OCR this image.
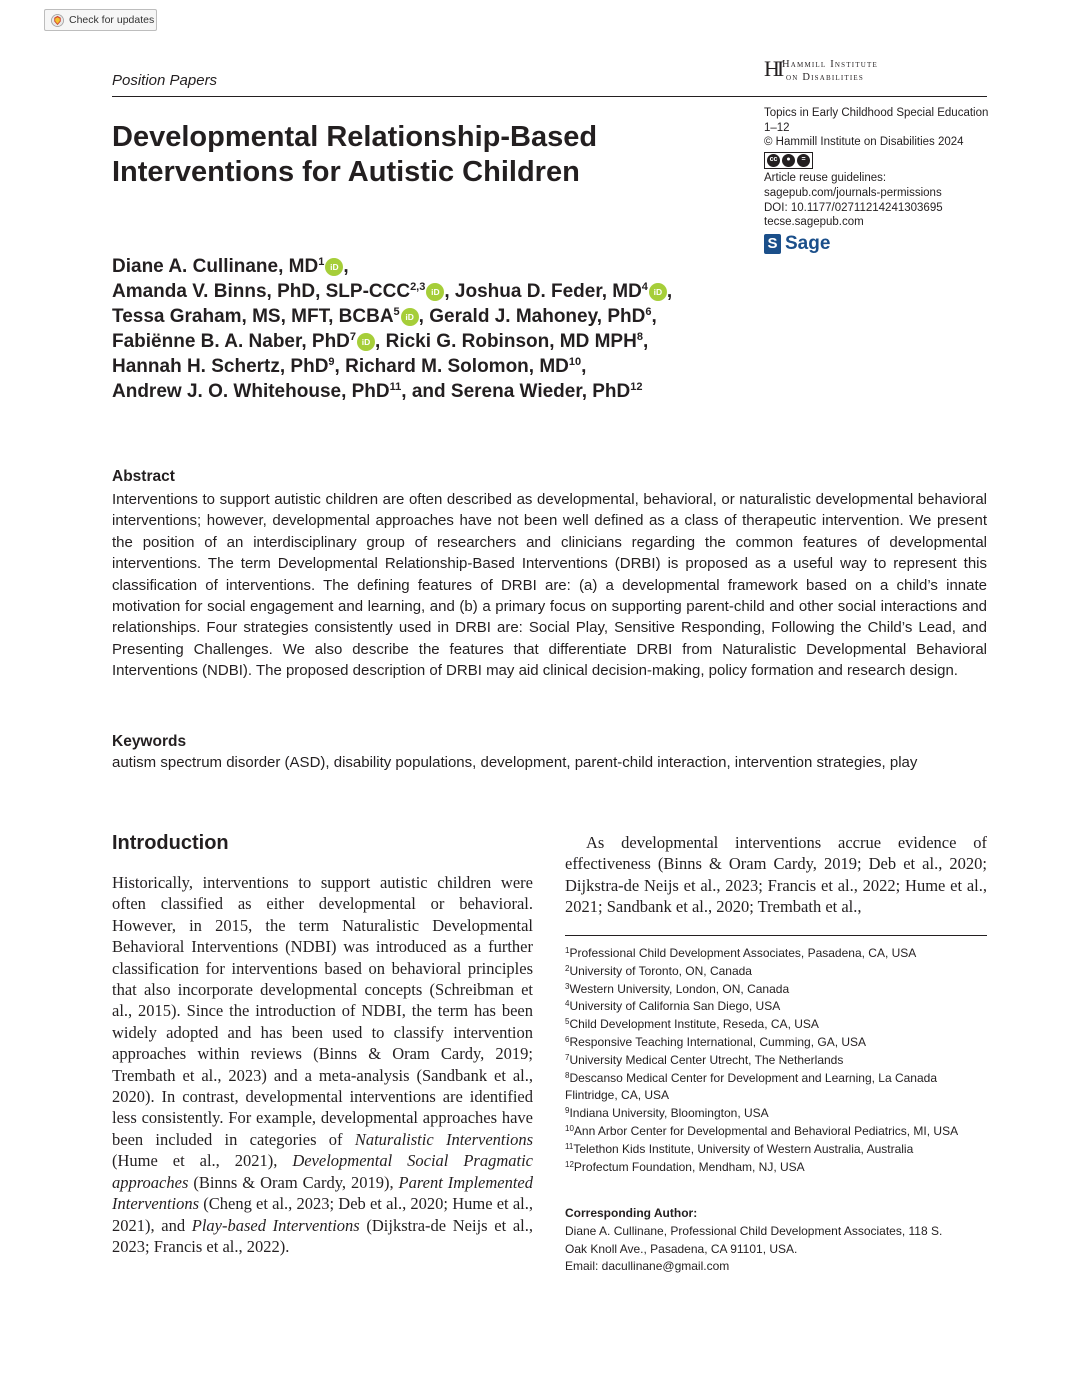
Check for updates
Position Papers	HI Hammill Institute
on Disabilities
Topics in Early Childhood Special Education
1–12
© Hammill Institute on Disabilities 2024
cc	●	=
Article reuse guidelines:
sagepub.com/journals-permissions
DOI: 10.1177/02711214241303695
tecse.sagepub.com
S Sage
Developmental Relationship-Based
Interventions for Autistic Children
Diane A. Cullinane, $MD^1$ iD ,
Amanda V. Binns, PhD, SLP-CCC$^{2,3}$ iD , Joshua D. Feder, $MD^4$ iD ,
Tessa Graham, MS, MFT, BCBA$^5$ iD , Gerald J. Mahoney, PhD$^6$,
Fabiënne B. A. Naber, PhD$^7$ iD , Ricki G. Robinson, MD MPH$^8$,
Hannah H. Schertz, PhD$^9$, Richard M. Solomon, MD$^{10}$,
Andrew J. O. Whitehouse, PhD$^{11}$, and Serena Wieder, PhD$^{12}$
Abstract
Interventions to support autistic children are often described as developmental, behavioral, or naturalistic developmental behavioral interventions; however, developmental approaches have not been well defined as a class of therapeutic intervention. We present the position of an interdisciplinary group of researchers and clinicians regarding the common features of developmental interventions. The term Developmental Relationship-Based Interventions (DRBI) is proposed as a useful way to represent this classification of interventions. The defining features of DRBI are: (a) a developmental framework based on a child’s innate motivation for social engagement and learning, and (b) a primary focus on supporting parent-child and other social interactions and relationships. Four strategies consistently used in DRBI are: Social Play, Sensitive Responding, Following the Child’s Lead, and Presenting Challenges. We also describe the features that differentiate DRBI from Naturalistic Developmental Behavioral Interventions (NDBI). The proposed description of DRBI may aid clinical decision-making, policy formation and research design.
Keywords
autism spectrum disorder (ASD), disability populations, development, parent-child interaction, intervention strategies, play
Introduction
Historically, interventions to support autistic children were often classified as either developmental or behavioral. However, in 2015, the term Naturalistic Developmental Behavioral Interventions (NDBI) was introduced as a further classification for interventions based on behavioral principles that also incorporate developmental concepts (Schreibman et al., 2015). Since the introduction of NDBI, the term has been widely adopted and has been used to classify intervention approaches within reviews (Binns & Oram Cardy, 2019; Trembath et al., 2023) and a meta-analysis (Sandbank et al., 2020). In contrast, developmental interventions are identified less consistently. For example, developmental approaches have been included in categories of Naturalistic Interventions (Hume et al., 2021), Developmental Social Pragmatic approaches (Binns & Oram Cardy, 2019), Parent Implemented Interventions (Cheng et al., 2023; Deb et al., 2020; Hume et al., 2021), and Play-based Interventions (Dijkstra-de Neijs et al., 2023; Francis et al., 2022).
As developmental interventions accrue evidence of effectiveness (Binns & Oram Cardy, 2019; Deb et al., 2020; Dijkstra-de Neijs et al., 2023; Francis et al., 2022; Hume et al., 2021; Sandbank et al., 2020; Trembath et al.,
$^1$Professional Child Development Associates, Pasadena, CA, USA
$^2$University of Toronto, ON, Canada
$^3$Western University, London, ON, Canada
$^4$University of California San Diego, USA
$^5$Child Development Institute, Reseda, CA, USA
$^6$Responsive Teaching International, Cumming, GA, USA
$^7$University Medical Center Utrecht, The Netherlands
$^8$Descanso Medical Center for Development and Learning, La Canada Flintridge, CA, USA
$^9$Indiana University, Bloomington, USA
$^{10}$Ann Arbor Center for Developmental and Behavioral Pediatrics, MI, USA
$^{11}$Telethon Kids Institute, University of Western Australia, Australia
$^{12}$Profectum Foundation, Mendham, NJ, USA
Corresponding Author:
Diane A. Cullinane, Professional Child Development Associates, 118 S.
Oak Knoll Ave., Pasadena, CA 91101, USA.
Email: dacullinane@gmail.com
